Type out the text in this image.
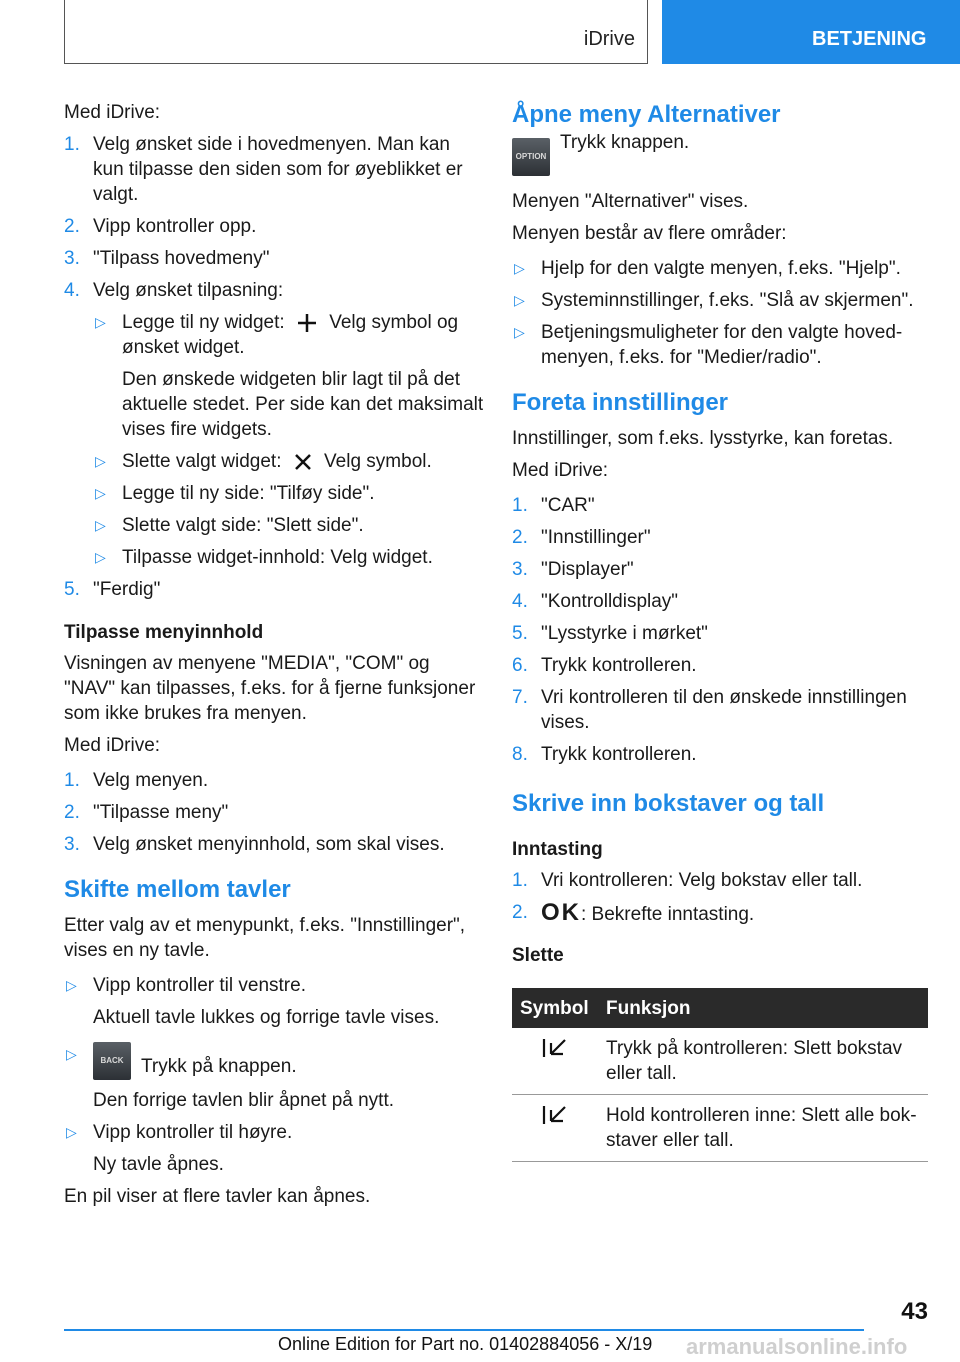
iDrive	BETJENING

Med iDrive:

1. Velg ønsket side i hovedmenyen. Man kan kun tilpasse den siden som for øyeblikket er valgt.
2. Vipp kontroller opp.
3. "Tilpass hovedmeny"
4. Velg ønsket tilpasning:
▷ Legge til ny widget: Velg symbol og ønsket widget.
Den ønskede widgeten blir lagt til på det aktuelle stedet. Per side kan det maksimalt vises fire widgets.
▷ Slette valgt widget: Velg symbol.
▷ Legge til ny side: "Tilføy side".
▷ Slette valgt side: "Slett side".
▷ Tilpasse widget-innhold: Velg widget.
5. "Ferdig"
Tilpasse menyinnhold

Visningen av menyene "MEDIA", "COM" og "NAV" kan tilpasses, f.eks. for å fjerne funksjoner som ikke brukes fra menyen.

Med iDrive:

1. Velg menyen.
2. "Tilpasse meny"
3. Velg ønsket menyinnhold, som skal vises.
Skifte mellom tavler

Etter valg av et menypunkt, f.eks. "Innstillinger", vises en ny tavle.

▷ Vipp kontroller til venstre.
Aktuell tavle lukkes og forrige tavle vises.
▷	BACK Trykk på knappen.
Den forrige tavlen blir åpnet på nytt.
▷ Vipp kontroller til høyre.
Ny tavle åpnes.

En pil viser at flere tavler kan åpnes.

Åpne meny Alternativer

OPTIONTrykk knappen.

Menyen "Alternativer" vises.

Menyen består av flere områder:

▷ Hjelp for den valgte menyen, f.eks. "Hjelp".
▷ Systeminnstillinger, f.eks. "Slå av skjermen".
▷ Betjeningsmuligheter for den valgte hovedmenyen, f.eks. for "Medier/radio".
Foreta innstillinger

Innstillinger, som f.eks. lysstyrke, kan foretas.

Med iDrive:

1. "CAR"
2. "Innstillinger"
3. "Displayer"
4. "Kontrolldisplay"
5. "Lysstyrke i mørket"
6. Trykk kontrolleren.
7. Vri kontrolleren til den ønskede innstillingen vises.
8. Trykk kontrolleren.
Skrive inn bokstaver og tall
Inntasting
1. Vri kontrolleren: Velg bokstav eller tall.
2. OK: Bekrefte inntasting.
Slette
Symbol	Funksjon
	Trykk på kontrolleren: Slett bokstav eller tall.
	Hold kontrolleren inne: Slett alle bokstaver eller tall.
43
Online Edition for Part no. 01402884056 - X/19 armanualsonline.info
